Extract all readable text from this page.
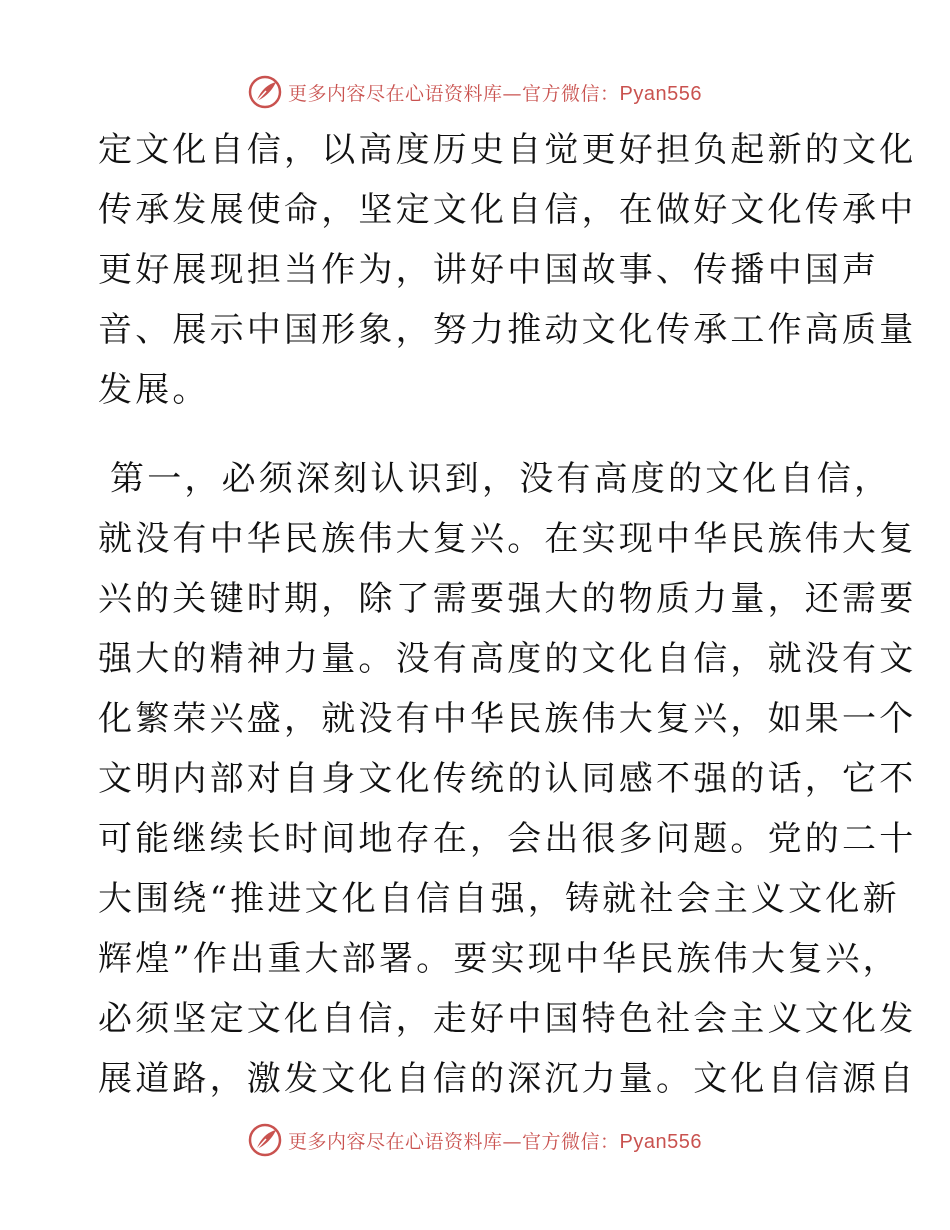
更多内容尽在心语资料库—官方微信：Pyan556
定文化自信，以高度历史自觉更好担负起新的文化
传承发展使命，坚定文化自信，在做好文化传承中
更好展现担当作为，讲好中国故事、传播中国声
音、展示中国形象，努力推动文化传承工作高质量
发展。
第一，必须深刻认识到，没有高度的文化自信，
就没有中华民族伟大复兴。在实现中华民族伟大复
兴的关键时期，除了需要强大的物质力量，还需要
强大的精神力量。没有高度的文化自信，就没有文
化繁荣兴盛，就没有中华民族伟大复兴，如果一个
文明内部对自身文化传统的认同感不强的话，它不
可能继续长时间地存在，会出很多问题。党的二十
大围绕“推进文化自信自强，铸就社会主义文化新
辉煌”作出重大部署。要实现中华民族伟大复兴，
必须坚定文化自信，走好中国特色社会主义文化发
展道路，激发文化自信的深沉力量。文化自信源自
更多内容尽在心语资料库—官方微信：Pyan556
